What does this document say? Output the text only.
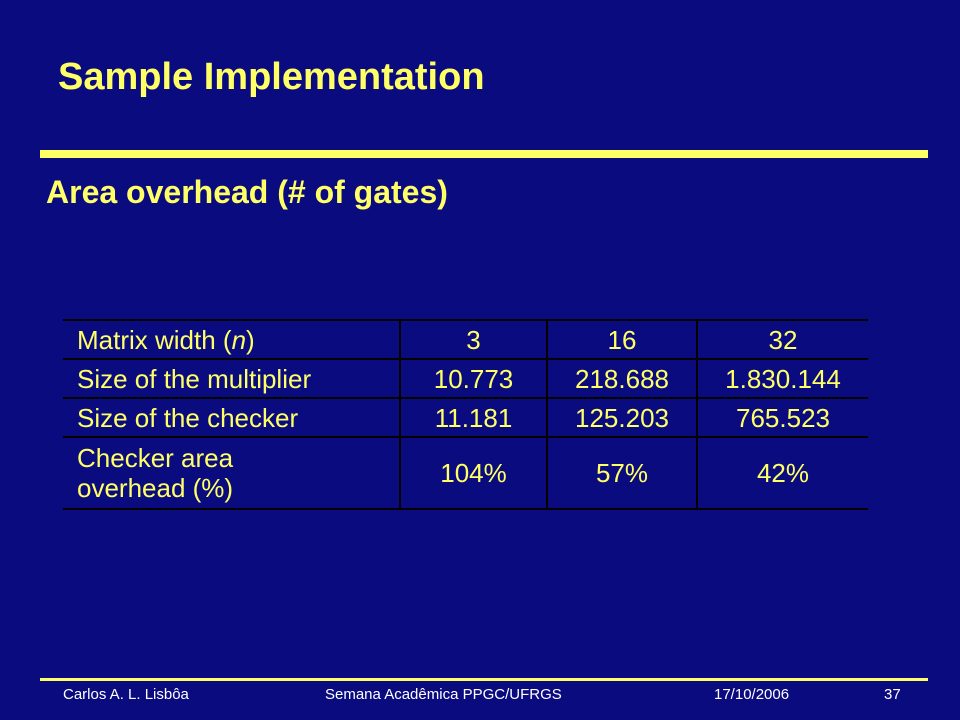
Sample Implementation
Area overhead (# of gates)
Matrix width (n)	3	16	32
Size of the multiplier	10.773	218.688	1.830.144
Size of the checker	11.181	125.203	765.523

Checker area
overhead (%)	104%	57%	42%
Carlos A. L. Lisbôa	Semana Acadêmica PPGC/UFRGS	17/10/2006	37
